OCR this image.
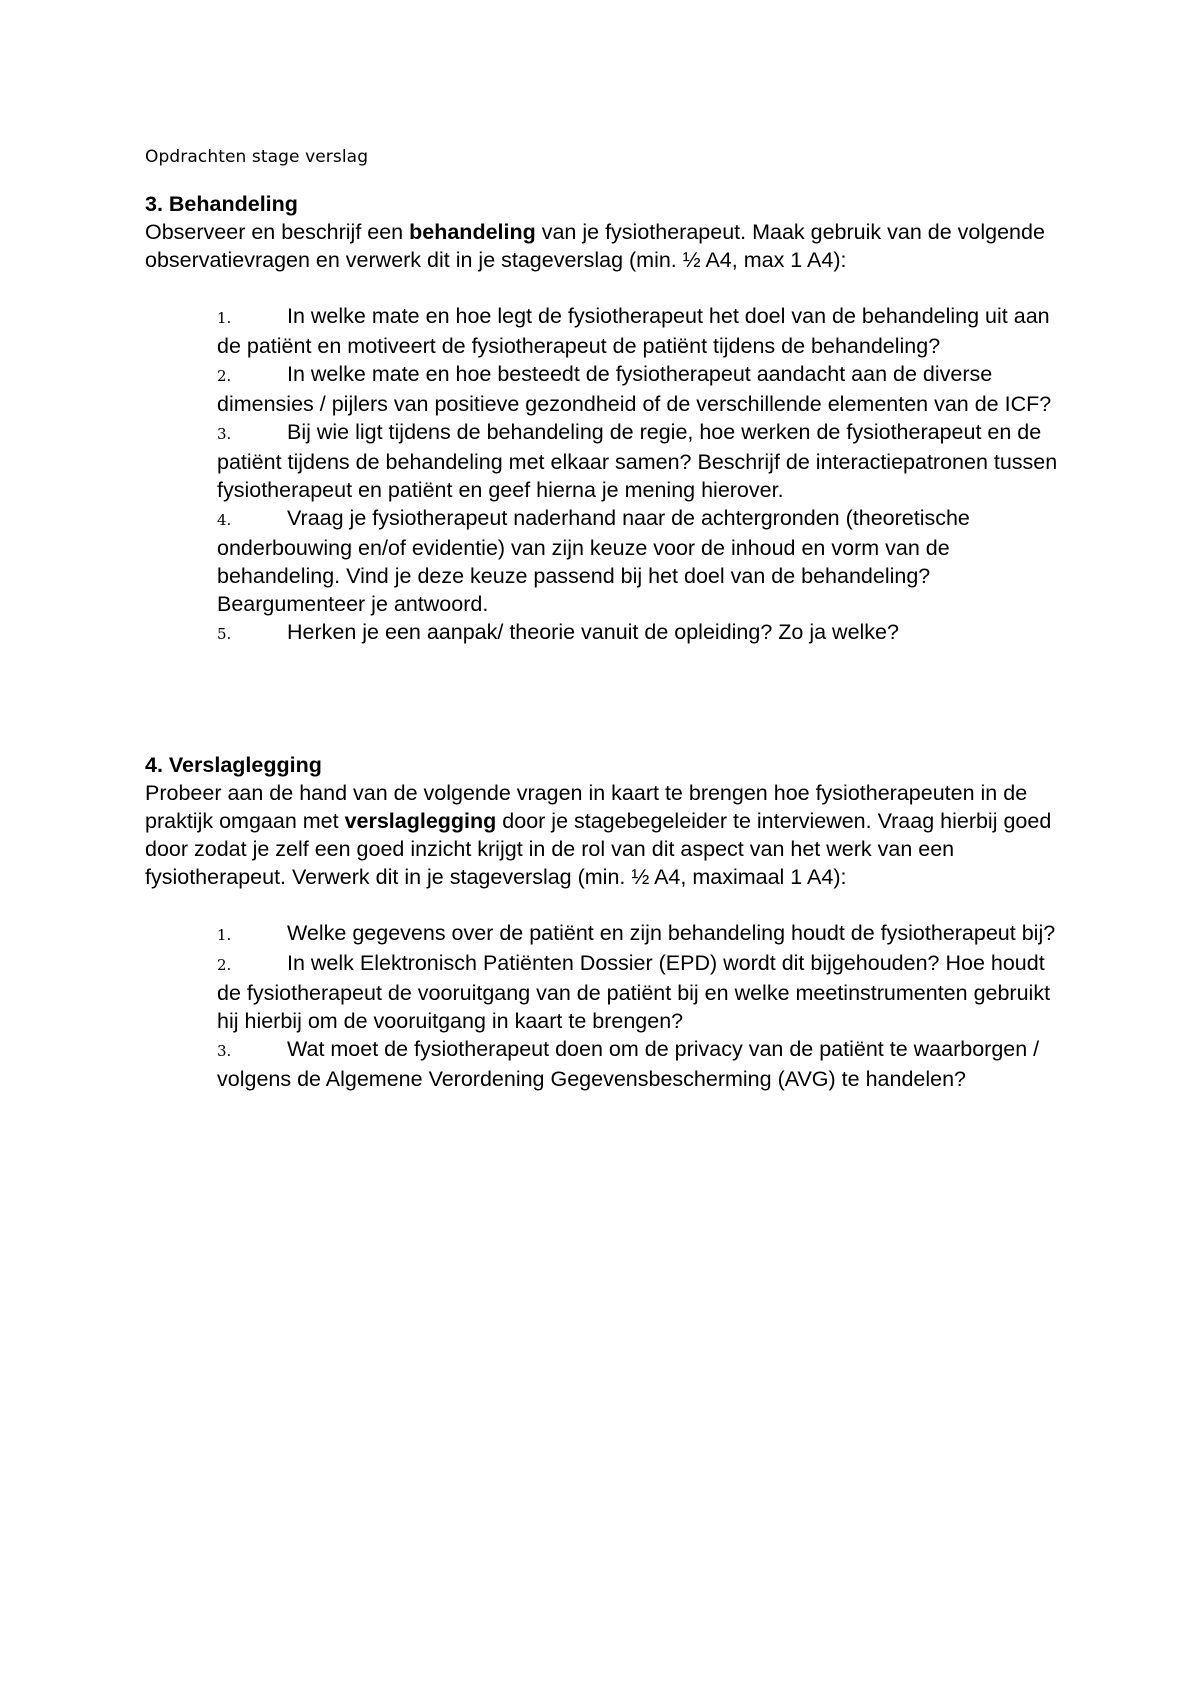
Opdrachten stage verslag

3. Behandeling

Observeer en beschrijf een behandeling van je fysiotherapeut. Maak gebruik van de volgende observatievragen en verwerk dit in je stageverslag (min. ½ A4, max 1 A4):

1.	In welke mate en hoe legt de fysiotherapeut het doel van de behandeling uit aan de patiënt en motiveert de fysiotherapeut de patiënt tijdens de behandeling?
2.	In welke mate en hoe besteedt de fysiotherapeut aandacht aan de diverse dimensies / pijlers van positieve gezondheid of de verschillende elementen van de ICF?
3.	Bij wie ligt tijdens de behandeling de regie, hoe werken de fysiotherapeut en de patiënt tijdens de behandeling met elkaar samen? Beschrijf de interactiepatronen tussen fysiotherapeut en patiënt en geef hierna je mening hierover.
4.	Vraag je fysiotherapeut naderhand naar de achtergronden (theoretische onderbouwing en/of evidentie) van zijn keuze voor de inhoud en vorm van de behandeling. Vind je deze keuze passend bij het doel van de behandeling? Beargumenteer je antwoord.
5.	Herken je een aanpak/ theorie vanuit de opleiding? Zo ja welke?

4. Verslaglegging

Probeer aan de hand van de volgende vragen in kaart te brengen hoe fysiotherapeuten in de praktijk omgaan met verslaglegging door je stagebegeleider te interviewen. Vraag hierbij goed door zodat je zelf een goed inzicht krijgt in de rol van dit aspect van het werk van een fysiotherapeut. Verwerk dit in je stageverslag (min. ½ A4, maximaal 1 A4):

1.	Welke gegevens over de patiënt en zijn behandeling houdt de fysiotherapeut bij?
2.	In welk Elektronisch Patiënten Dossier (EPD) wordt dit bijgehouden? Hoe houdt de fysiotherapeut de vooruitgang van de patiënt bij en welke meetinstrumenten gebruikt hij hierbij om de vooruitgang in kaart te brengen?
3.	Wat moet de fysiotherapeut doen om de privacy van de patiënt te waarborgen / volgens de Algemene Verordening Gegevensbescherming (AVG) te handelen?
